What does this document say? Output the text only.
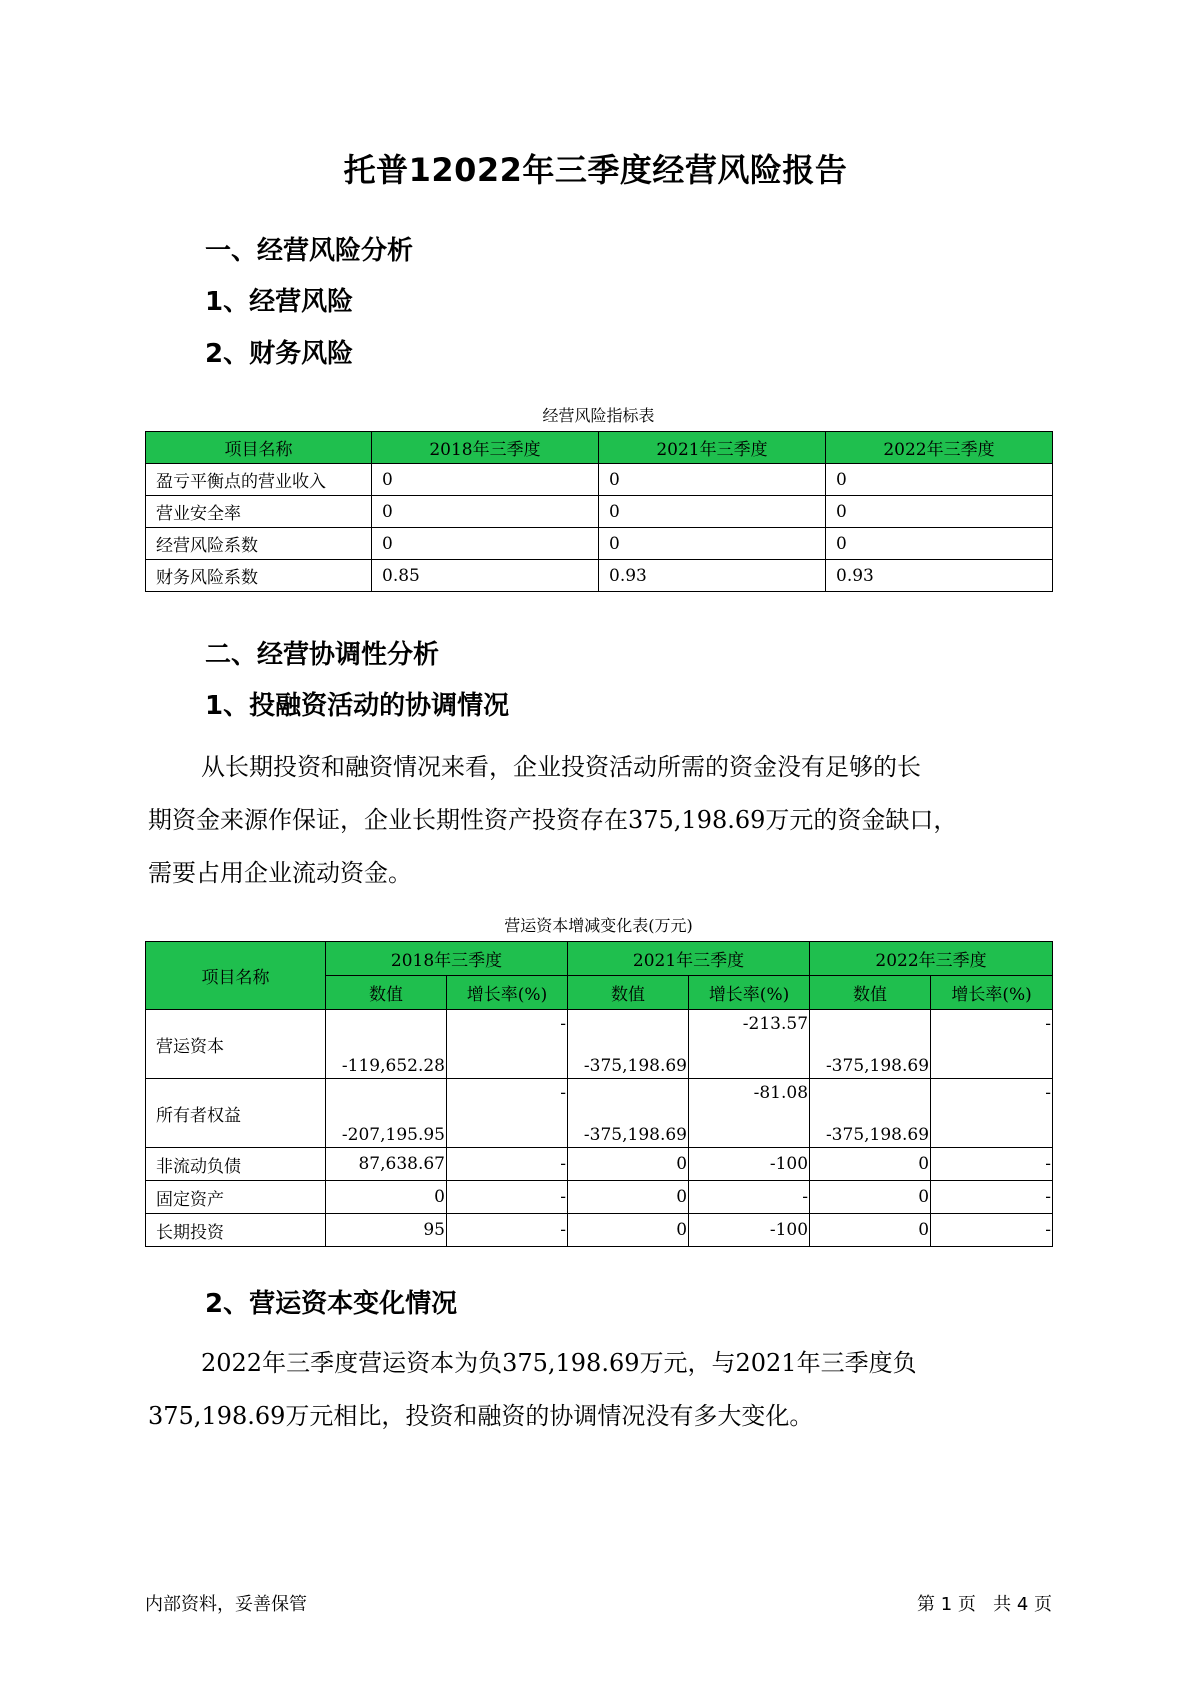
托普12022年三季度经营风险报告
一、经营风险分析
1、经营风险
2、财务风险
经营风险指标表
项目名称	2018年三季度	2021年三季度	2022年三季度
盈亏平衡点的营业收入	0	0	0
营业安全率	0	0	0
经营风险系数	0	0	0
财务风险系数	0.85	0.93	0.93
二、经营协调性分析
1、投融资活动的协调情况

从长期投资和融资情况来看，企业投资活动所需的资金没有足够的长

期资金来源作保证，企业长期性资产投资存在375,198.69万元的资金缺口，

需要占用企业流动资金。

营运资本增减变化表(万元)
项目名称	2018年三季度		2021年三季度		2022年三季度	
	数值	增长率(%)	数值	增长率(%)	数值	增长率(%)
营运资本	-119,652.28	-	-375,198.69	-213.57	-375,198.69	-
所有者权益	-207,195.95	-	-375,198.69	-81.08	-375,198.69	-
非流动负债	87,638.67	-	0	-100	0	-
固定资产	0	-	0	-	0	-
长期投资	95	-	0	-100	0	-
2、营运资本变化情况

2022年三季度营运资本为负375,198.69万元，与2021年三季度负

375,198.69万元相比，投资和融资的协调情况没有多大变化。

内部资料，妥善保管	第 1 页   共 4 页
